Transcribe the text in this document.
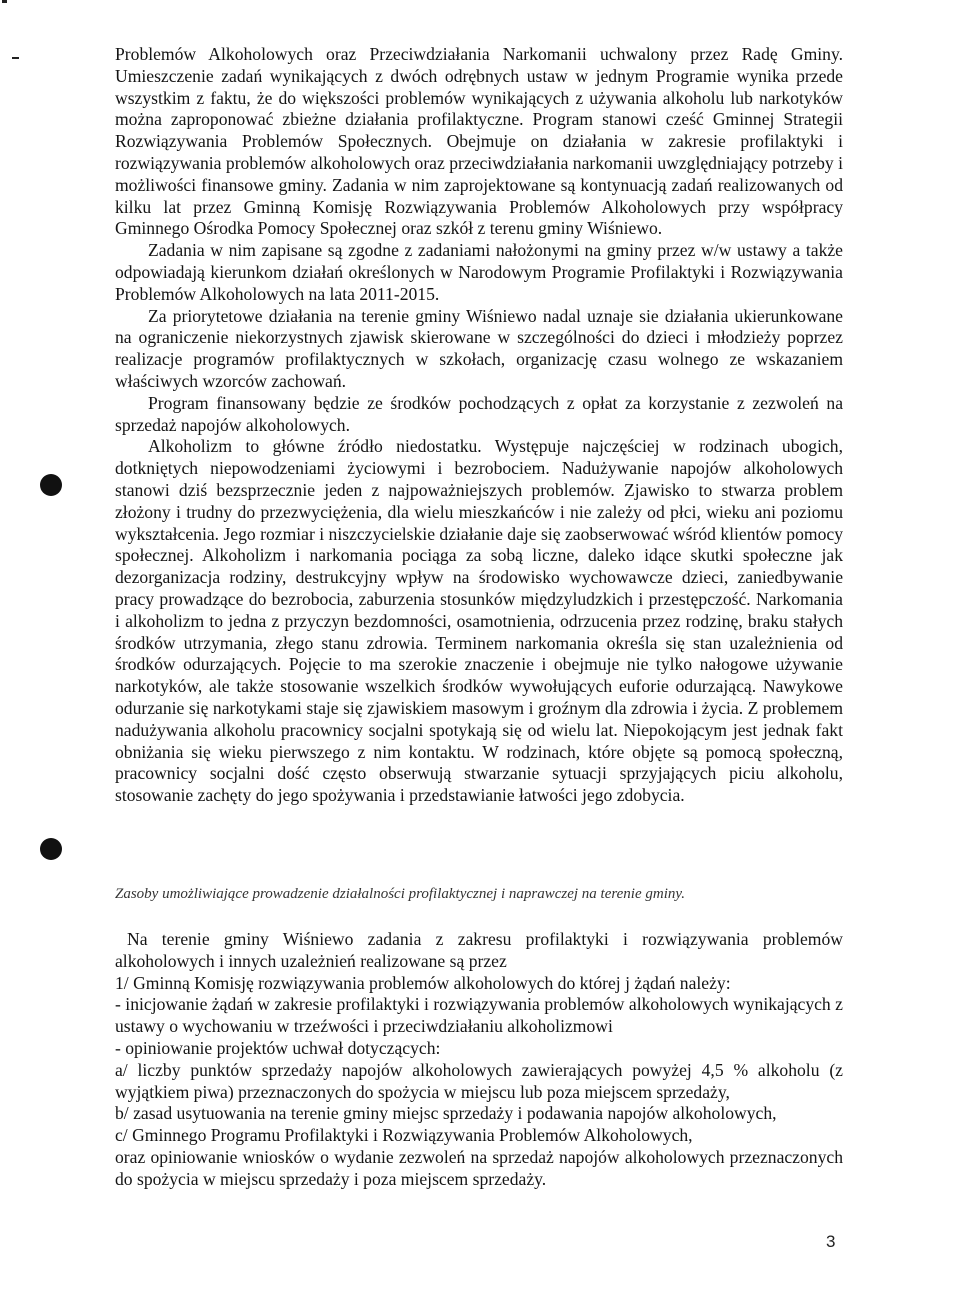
Problemów Alkoholowych oraz Przeciwdziałania Narkomanii uchwalony przez Radę Gminy. Umieszczenie zadań wynikających z dwóch odrębnych ustaw w jednym Programie wynika przede wszystkim z faktu, że do większości problemów wynikających z używania alkoholu lub narkotyków można zaproponować zbieżne działania profilaktyczne. Program stanowi cześć Gminnej Strategii Rozwiązywania Problemów Społecznych. Obejmuje on działania w zakresie profilaktyki i rozwiązywania problemów alkoholowych oraz przeciwdziałania narkomanii uwzględniający potrzeby i możliwości finansowe gminy. Zadania w nim zaprojektowane są kontynuacją zadań realizowanych od kilku lat przez Gminną Komisję Rozwiązywania Problemów Alkoholowych przy współpracy Gminnego Ośrodka Pomocy Społecznej oraz szkół z terenu gminy Wiśniewo.

Zadania w nim zapisane są zgodne z zadaniami nałożonymi na gminy przez w/w ustawy a także odpowiadają kierunkom działań określonych w Narodowym Programie Profilaktyki i Rozwiązywania Problemów Alkoholowych na lata 2011-2015.

Za priorytetowe działania na terenie gminy Wiśniewo nadal uznaje sie działania ukierunkowane na ograniczenie niekorzystnych zjawisk skierowane w szczególności do dzieci i młodzieży poprzez realizacje programów profilaktycznych w szkołach, organizację czasu wolnego ze wskazaniem właściwych wzorców zachowań.

Program finansowany będzie ze środków pochodzących z opłat za korzystanie z zezwoleń na sprzedaż napojów alkoholowych.

Alkoholizm to główne źródło niedostatku. Występuje najczęściej w rodzinach ubogich, dotkniętych niepowodzeniami życiowymi i bezrobociem. Nadużywanie napojów alkoholowych stanowi dziś bezsprzecznie jeden z najpoważniejszych problemów. Zjawisko to stwarza problem złożony i trudny do przezwyciężenia, dla wielu mieszkańców i nie zależy od płci, wieku ani poziomu wykształcenia. Jego rozmiar i niszczycielskie działanie daje się zaobserwować wśród klientów pomocy społecznej. Alkoholizm i narkomania pociąga za sobą liczne, daleko idące skutki społeczne jak dezorganizacja rodziny, destrukcyjny wpływ na środowisko wychowawcze dzieci, zaniedbywanie pracy prowadzące do bezrobocia, zaburzenia stosunków międzyludzkich i przestępczość. Narkomania i alkoholizm to jedna z przyczyn bezdomności, osamotnienia, odrzucenia przez rodzinę, braku stałych środków utrzymania, złego stanu zdrowia. Terminem narkomania określa się stan uzależnienia od środków odurzających. Pojęcie to ma szerokie znaczenie i obejmuje nie tylko nałogowe używanie narkotyków, ale także stosowanie wszelkich środków wywołujących euforie odurzającą. Nawykowe odurzanie się narkotykami staje się zjawiskiem masowym i groźnym dla zdrowia i życia. Z problemem nadużywania alkoholu pracownicy socjalni spotykają się od wielu lat. Niepokojącym jest jednak fakt obniżania się wieku pierwszego z nim kontaktu. W rodzinach, które objęte są pomocą społeczną, pracownicy socjalni dość często obserwują stwarzanie sytuacji sprzyjających piciu alkoholu, stosowanie zachęty do jego spożywania i przedstawianie łatwości jego zdobycia.

Zasoby umożliwiające prowadzenie działalności profilaktycznej i naprawczej na terenie gminy.

Na terenie gminy Wiśniewo zadania z zakresu profilaktyki i rozwiązywania problemów alkoholowych i innych uzależnień realizowane są przez

1/ Gminną Komisję rozwiązywania problemów alkoholowych do której j żądań należy:

- inicjowanie żądań w zakresie profilaktyki i rozwiązywania problemów alkoholowych wynikających z ustawy o wychowaniu w trzeźwości i przeciwdziałaniu alkoholizmowi

- opiniowanie projektów uchwał dotyczących:

a/ liczby punktów sprzedaży napojów alkoholowych zawierających powyżej 4,5 % alkoholu (z wyjątkiem piwa) przeznaczonych do spożycia w miejscu lub poza miejscem sprzedaży,

b/ zasad usytuowania na terenie gminy miejsc sprzedaży i podawania napojów alkoholowych,

c/ Gminnego Programu Profilaktyki i Rozwiązywania Problemów Alkoholowych,

oraz opiniowanie wniosków o wydanie zezwoleń na sprzedaż napojów alkoholowych przeznaczonych do spożycia w miejscu sprzedaży i poza miejscem sprzedaży.

3
